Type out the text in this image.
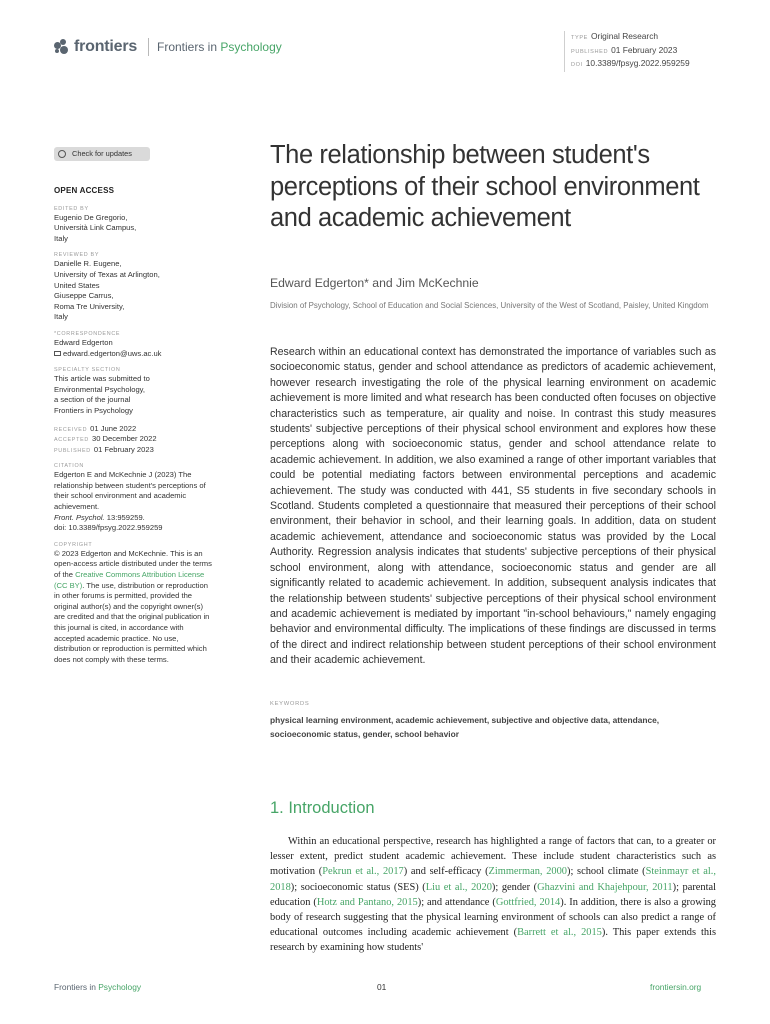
frontiers	Frontiers in Psychology
TYPE Original Research
PUBLISHED 01 February 2023
DOI 10.3389/fpsyg.2022.959259
Check for updates
OPEN ACCESS
EDITED BY
Eugenio De Gregorio,
Università Link Campus,
Italy
REVIEWED BY
Danielle R. Eugene,
University of Texas at Arlington,
United States
Giuseppe Carrus,
Roma Tre University,
Italy
*CORRESPONDENCE
Edward Edgerton
edward.edgerton@uws.ac.uk
SPECIALTY SECTION
This article was submitted to
Environmental Psychology,
a section of the journal
Frontiers in Psychology
RECEIVED 01 June 2022
ACCEPTED 30 December 2022
PUBLISHED 01 February 2023
CITATION
Edgerton E and McKechnie J (2023) The
relationship between student's perceptions of
their school environment and academic
achievement.
Front. Psychol. 13:959259.
doi: 10.3389/fpsyg.2022.959259
COPYRIGHT
© 2023 Edgerton and McKechnie. This is an
open-access article distributed under the terms
of the Creative Commons Attribution License
(CC BY). The use, distribution or reproduction
in other forums is permitted, provided the
original author(s) and the copyright owner(s)
are credited and that the original publication in
this journal is cited, in accordance with
accepted academic practice. No use,
distribution or reproduction is permitted which
does not comply with these terms.
The relationship between student's perceptions of their school environment and academic achievement
Edward Edgerton* and Jim McKechnie
Division of Psychology, School of Education and Social Sciences, University of the West of Scotland, Paisley, United Kingdom

Research within an educational context has demonstrated the importance of variables such as socioeconomic status, gender and school attendance as predictors of academic achievement, however research investigating the role of the physical learning environment on academic achievement is more limited and what research has been conducted often focuses on objective characteristics such as temperature, air quality and noise. In contrast this study measures students' subjective perceptions of their physical school environment and explores how these perceptions along with socioeconomic status, gender and school attendance relate to academic achievement. In addition, we also examined a range of other important variables that could be potential mediating factors between environmental perceptions and academic achievement. The study was conducted with 441, S5 students in five secondary schools in Scotland. Students completed a questionnaire that measured their perceptions of their school environment, their behavior in school, and their learning goals. In addition, data on student academic achievement, attendance and socioeconomic status was provided by the Local Authority. Regression analysis indicates that students' subjective perceptions of their physical school environment, along with attendance, socioeconomic status and gender are all significantly related to academic achievement. In addition, subsequent analysis indicates that the relationship between students' subjective perceptions of their physical school environment and academic achievement is mediated by important "in-school behaviours," namely engaging behavior and environmental difficulty. The implications of these findings are discussed in terms of the direct and indirect relationship between student perceptions of their school environment and their academic achievement.

KEYWORDS
physical learning environment, academic achievement, subjective and objective data, attendance, socioeconomic status, gender, school behavior
1. Introduction

Within an educational perspective, research has highlighted a range of factors that can, to a greater or lesser extent, predict student academic achievement. These include student characteristics such as motivation (Pekrun et al., 2017) and self-efficacy (Zimmerman, 2000); school climate (Steinmayr et al., 2018); socioeconomic status (SES) (Liu et al., 2020); gender (Ghazvini and Khajehpour, 2011); parental education (Hotz and Pantano, 2015); and attendance (Gottfried, 2014). In addition, there is also a growing body of research suggesting that the physical learning environment of schools can also predict a range of educational outcomes including academic achievement (Barrett et al., 2015). This paper extends this research by examining how students'

Frontiers in Psychology	01	frontiersin.org
